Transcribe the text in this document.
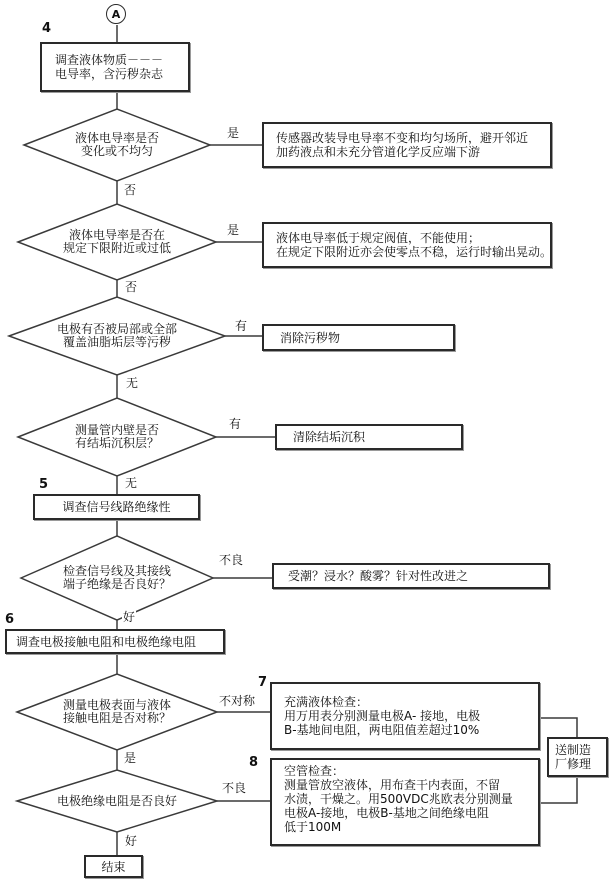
A
4
5
6
7
8
调查液体物质－－－
电导率，含污秽杂志
调查信号线路绝缘性
调查电极接触电阻和电极绝缘电阻
液体电导率是否
变化或不均匀
液体电导率是否在
规定下限附近或过低
电极有否被局部或全部
覆盖油脂垢层等污秽
测量管内壁是否
有结垢沉积层？
检查信号线及其接线
端子绝缘是否良好？
测量电极表面与液体
接触电阻是否对称？
电极绝缘电阻是否良好
传感器改装导电导率不变和均匀场所，避开邻近
加药液点和未充分管道化学反应端下游
液体电导率低于规定阀值，不能使用；
在规定下限附近亦会使零点不稳，运行时输出晃动。
消除污秽物
清除结垢沉积
受潮？浸水？酸雾？针对性改进之
充满液体检查：
用万用表分别测量电极A- 接地，电极
B-基地间电阻，两电阻值差超过10%
空管检查：
测量管放空液体，用布查干内表面，不留
水渍，干燥之。用500VDC兆欧表分别测量
电极A-接地，电极B-基地之间绝缘电阻
低于100M
送制造
厂修理
结束
是
否
是
否
有
无
有
无
不良
好
不对称
是
不良
好
